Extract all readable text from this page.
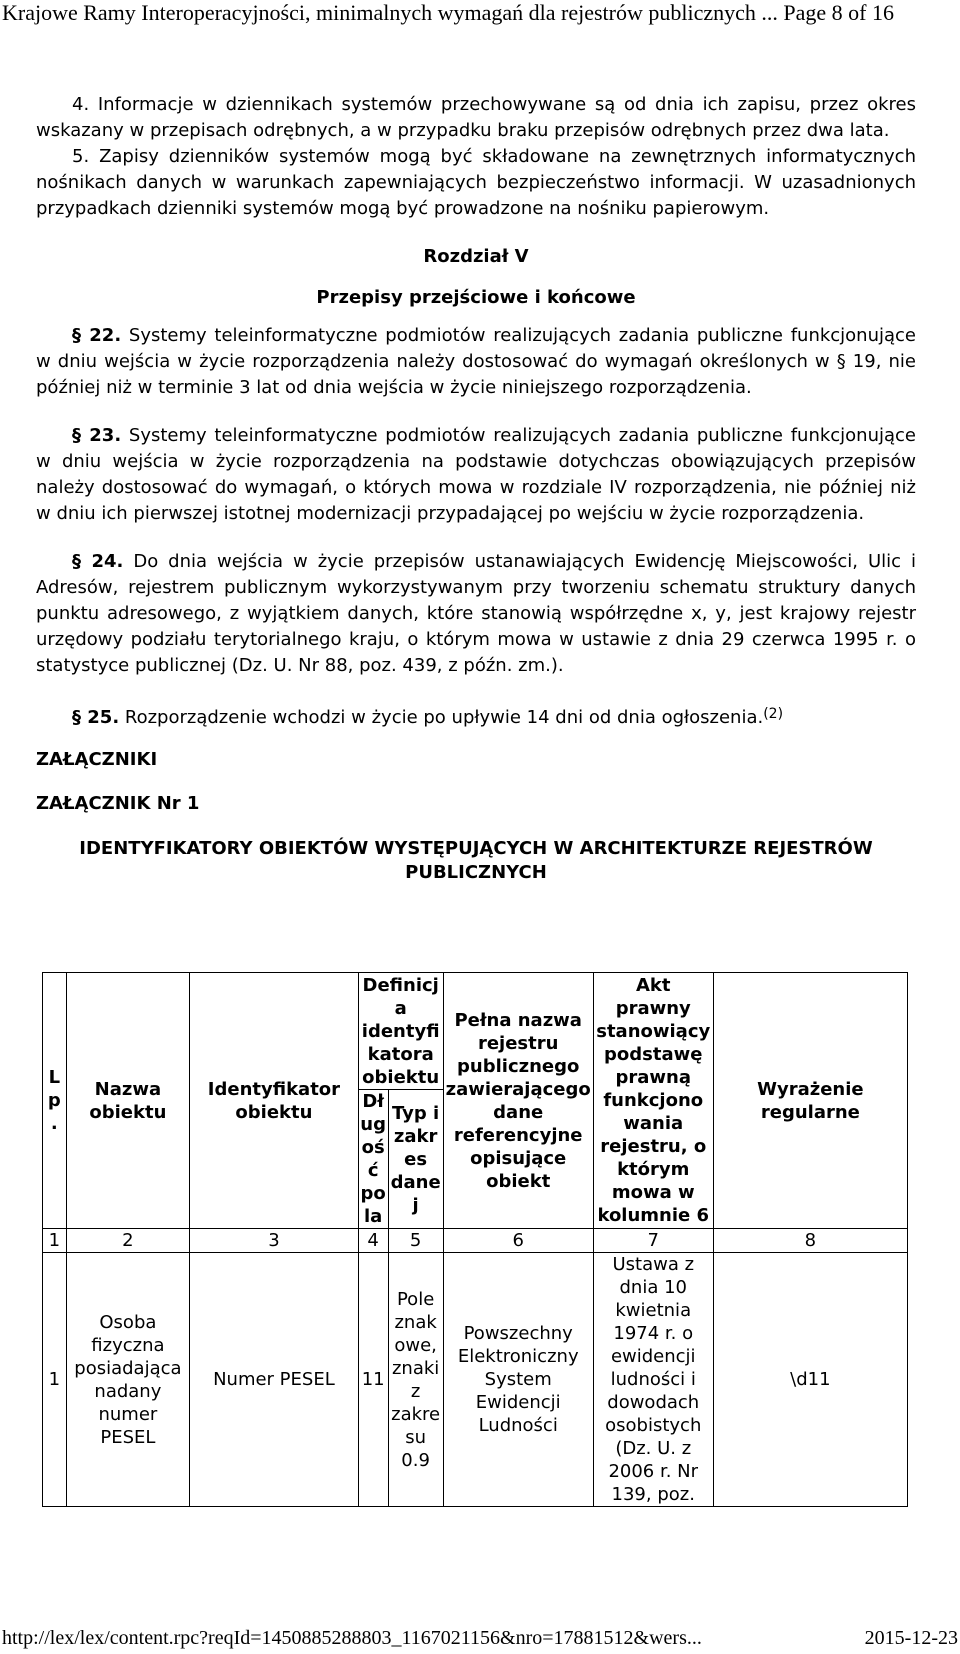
Krajowe Ramy Interoperacyjności, minimalnych wymagań dla rejestrów publicznych ... Page 8 of 16

4. Informacje w dziennikach systemów przechowywane są od dnia ich zapisu, przez okres wskazany w przepisach odrębnych, a w przypadku braku przepisów odrębnych przez dwa lata.

5. Zapisy dzienników systemów mogą być składowane na zewnętrznych informatycznych nośnikach danych w warunkach zapewniających bezpieczeństwo informacji. W uzasadnionych przypadkach dzienniki systemów mogą być prowadzone na nośniku papierowym.

Rozdział V

Przepisy przejściowe i końcowe

§ 22. Systemy teleinformatyczne podmiotów realizujących zadania publiczne funkcjonujące w dniu wejścia w życie rozporządzenia należy dostosować do wymagań określonych w § 19, nie później niż w terminie 3 lat od dnia wejścia w życie niniejszego rozporządzenia.

§ 23. Systemy teleinformatyczne podmiotów realizujących zadania publiczne funkcjonujące w dniu wejścia w życie rozporządzenia na podstawie dotychczas obowiązujących przepisów należy dostosować do wymagań, o których mowa w rozdziale IV rozporządzenia, nie później niż w dniu ich pierwszej istotnej modernizacji przypadającej po wejściu w życie rozporządzenia.

§ 24. Do dnia wejścia w życie przepisów ustanawiających Ewidencję Miejscowości, Ulic i Adresów, rejestrem publicznym wykorzystywanym przy tworzeniu schematu struktury danych punktu adresowego, z wyjątkiem danych, które stanowią współrzędne x, y, jest krajowy rejestr urzędowy podziału terytorialnego kraju, o którym mowa w ustawie z dnia 29 czerwca 1995 r. o statystyce publicznej (Dz. U. Nr 88, poz. 439, z późn. zm.).

§ 25. Rozporządzenie wchodzi w życie po upływie 14 dni od dnia ogłoszenia.$^{(2)}$

ZAŁĄCZNIKI

ZAŁĄCZNIK Nr 1

IDENTYFIKATORY OBIEKTÓW WYSTĘPUJĄCYCH W ARCHITEKTURZE REJESTRÓW PUBLICZNYCH

L p .	Nazwa obiektu	Identyfikator obiektu	Definicj a identyfi katora obiektu		Pełna nazwa rejestru publicznego zawierającego dane referencyjne opisujące obiekt	Akt prawny stanowiący podstawę prawną funkcjono wania rejestru, o którym mowa w kolumnie 6	Wyrażenie regularne
			Dł ug oś ć po la	Typ i zakr es dane j			
1	2	3	4	5	6	7	8
1	Osoba fizyczna posiadająca nadany numer PESEL	Numer PESEL	11	Pole znak owe, znaki z zakre su 0.9	Powszechny Elektroniczny System Ewidencji Ludności	Ustawa z dnia 10 kwietnia 1974 r. o ewidencji ludności i dowodach osobistych (Dz. U. z 2006 r. Nr 139, poz.	\d11
http://lex/lex/content.rpc?reqId=1450885288803_1167021156&nro=17881512&wers...	2015-12-23
